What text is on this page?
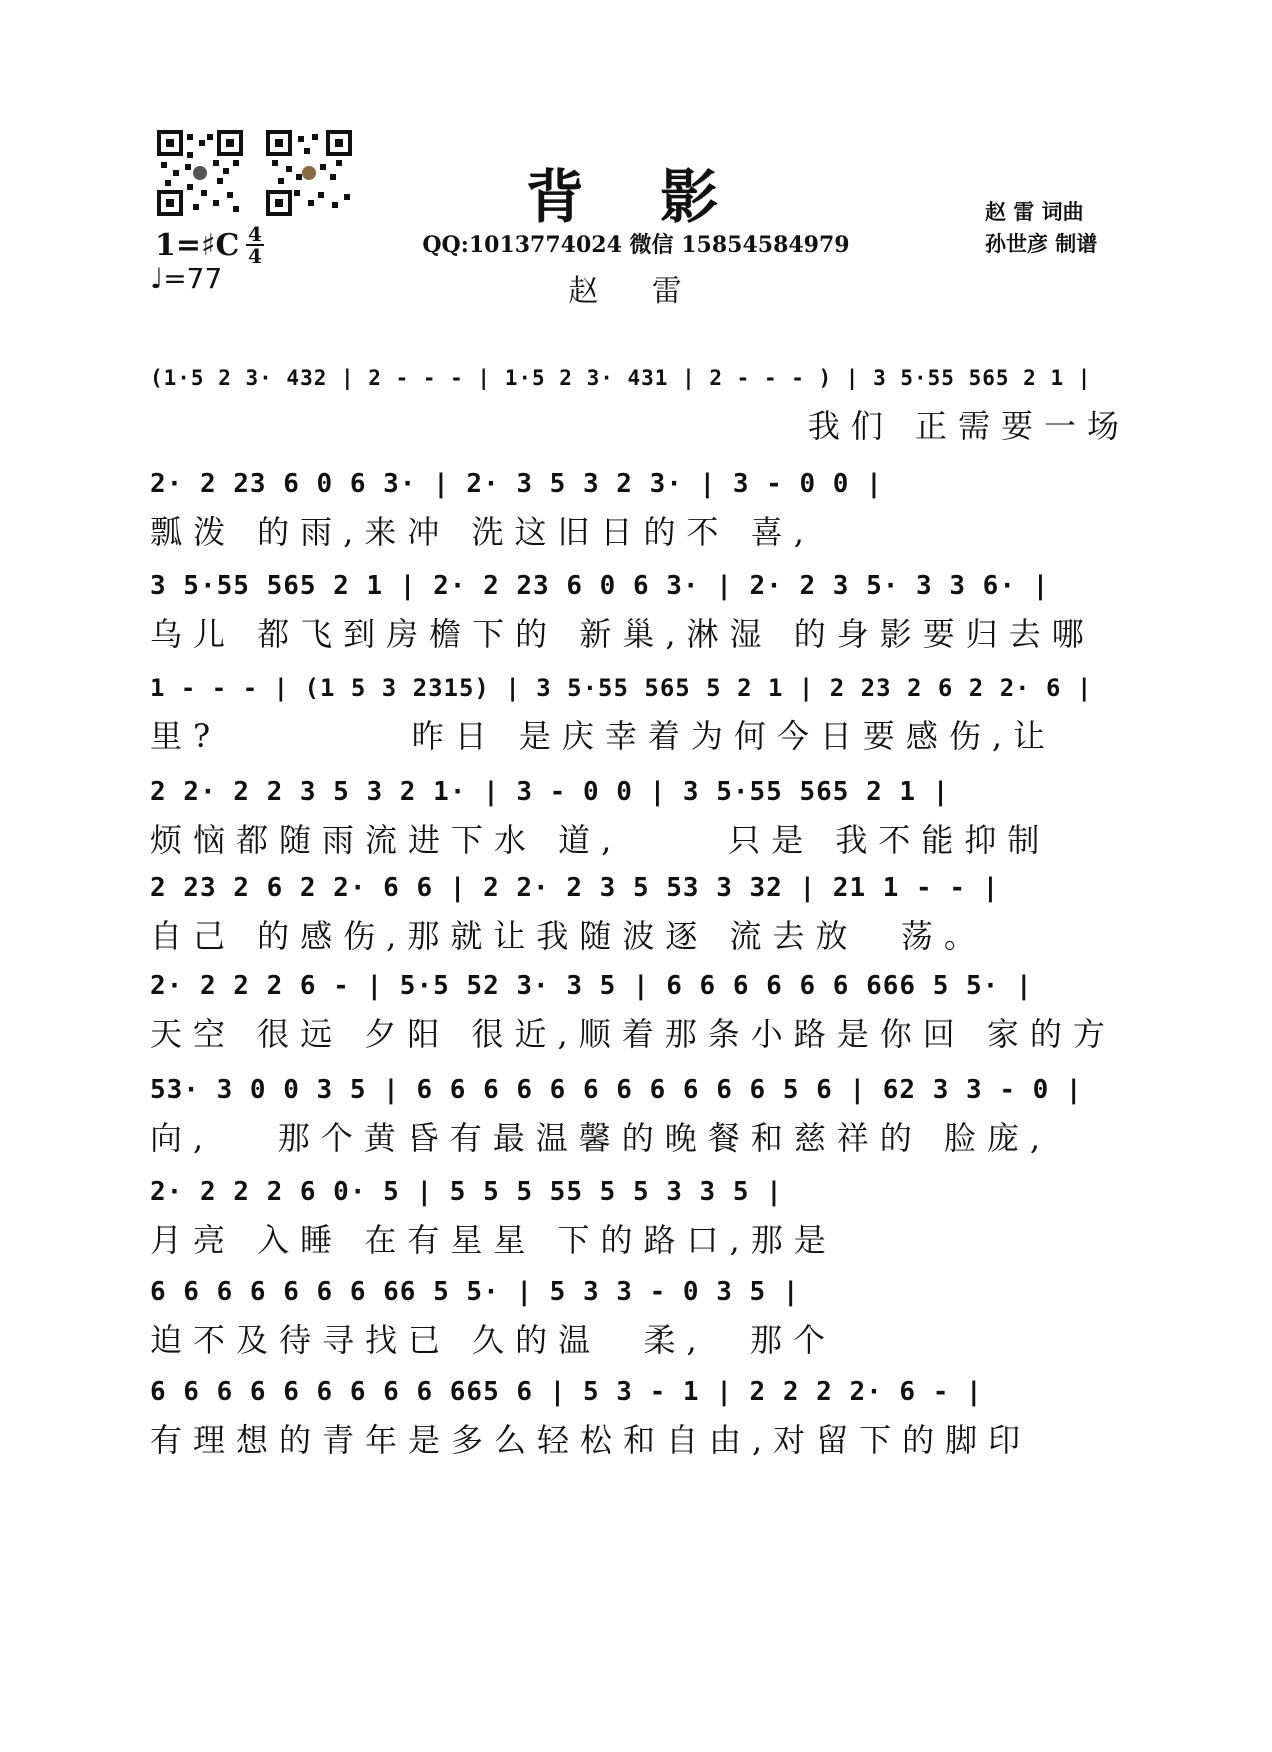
背 影
QQ:1013774024 微信 15854584979
赵 雷
赵 雷 词曲
孙世彦 制谱
1=♯C 4
4
♩=77
(1·5 2 3· 432 | 2 - - - | 1·5 2 3· 431 | 2 - - - ) | 3 5·55 565 2 1 |
我们 正需要一场
2· 2 23 6 0 6 3· | 2· 3 5 3 2 3· | 3 - 0 0 |
瓢泼 的雨,来冲 洗这旧日的不 喜,
3 5·55 565 2 1 | 2· 2 23 6 0 6 3· | 2· 2 3 5· 3 3 6· |
乌儿 都飞到房檐下的 新巢,淋湿 的身影要归去哪
1 - - - | (1 5 3 2315) | 3 5·55 565 5 2 1 | 2 23 2 6 2 2· 6 |
里?         昨日 是庆幸着为何今日要感伤,让
2 2· 2 2 3 5 3 2 1· | 3 - 0 0 | 3 5·55 565 2 1 |
烦恼都随雨流进下水 道,     只是 我不能抑制
2 23 2 6 2 2· 6 6 | 2 2· 2 3 5 53 3 32 | 21 1 - - |
自己 的感伤,那就让我随波逐 流去放  荡。
2· 2 2 2 6 - | 5·5 52 3· 3 5 | 6 6 6 6 6 6 666 5 5· |
天空 很远 夕阳 很近,顺着那条小路是你回 家的方
53· 3 0 0 3 5 | 6 6 6 6 6 6 6 6 6 6 6 5 6 | 62 3 3 - 0 |
向,   那个黄昏有最温馨的晚餐和慈祥的 脸庞,
2· 2 2 2 6 0· 5 | 5 5 5 55 5 5 3 3 5 |
月亮 入睡 在有星星 下的路口,那是
6 6 6 6 6 6 6 66 5 5· | 5 3 3 - 0 3 5 |
迫不及待寻找已 久的温  柔,  那个
6 6 6 6 6 6 6 6 6 665 6 | 5 3 - 1 | 2 2 2 2· 6 - |
有理想的青年是多么轻松和自由,对留下的脚印
